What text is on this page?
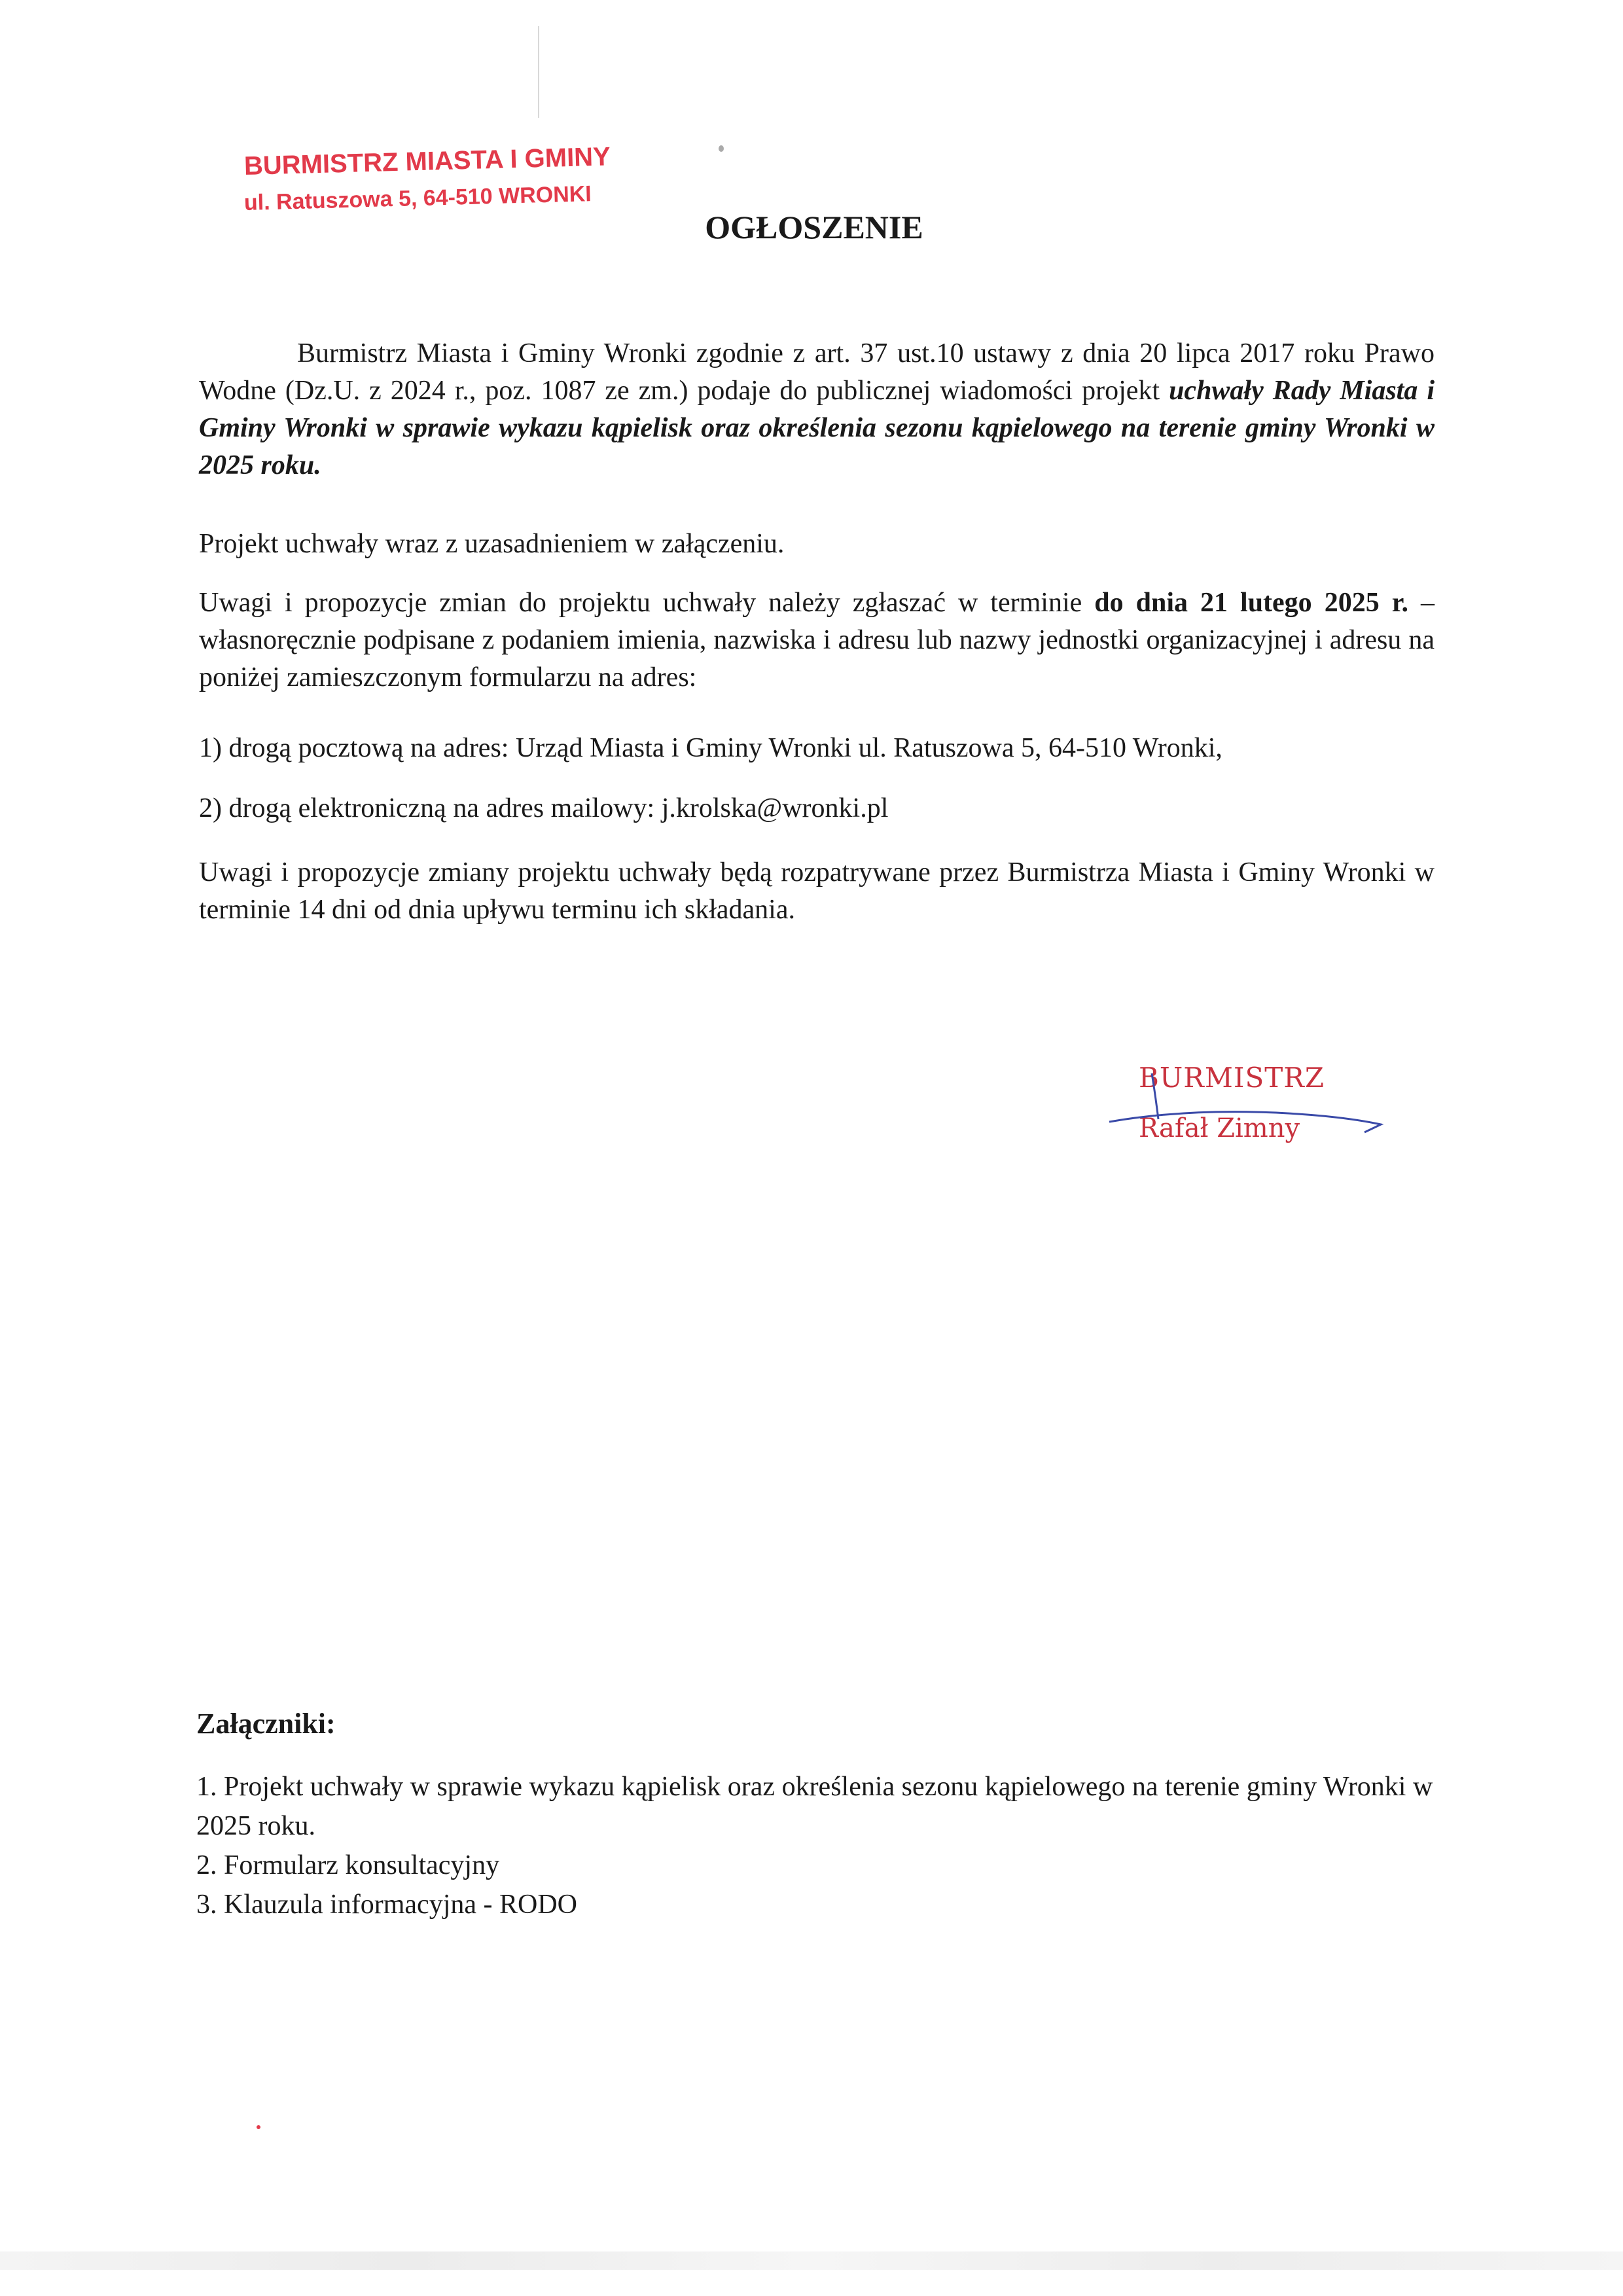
BURMISTRZ MIASTA I GMINY
ul. Ratuszowa 5, 64-510 WRONKI
OGŁOSZENIE

Burmistrz Miasta i Gminy Wronki zgodnie z art. 37 ust.10 ustawy z dnia 20 lipca 2017 roku Prawo Wodne (Dz.U. z 2024 r., poz. 1087 ze zm.) podaje do publicznej wiadomości projekt uchwały Rady Miasta i Gminy Wronki w sprawie wykazu kąpielisk oraz określenia sezonu kąpielowego na terenie gminy Wronki w 2025 roku.

Projekt uchwały wraz z uzasadnieniem w załączeniu.

Uwagi i propozycje zmian do projektu uchwały należy zgłaszać w terminie do dnia 21 lutego 2025 r. – własnoręcznie podpisane z podaniem imienia, nazwiska i adresu lub nazwy jednostki organizacyjnej i adresu na poniżej zamieszczonym formularzu na adres:

1) drogą pocztową na adres: Urząd Miasta i Gminy Wronki ul. Ratuszowa 5, 64-510 Wronki,

2) drogą elektroniczną na adres mailowy: j.krolska@wronki.pl

Uwagi i propozycje zmiany projektu uchwały będą rozpatrywane przez Burmistrza Miasta i Gminy Wronki w terminie 14 dni od dnia upływu terminu ich składania.

BURMISTRZ
Rafał Zimny
Załączniki:
1. Projekt uchwały w sprawie wykazu kąpielisk oraz określenia sezonu kąpielowego na terenie gminy Wronki w 2025 roku.
2. Formularz konsultacyjny
3. Klauzula informacyjna - RODO
